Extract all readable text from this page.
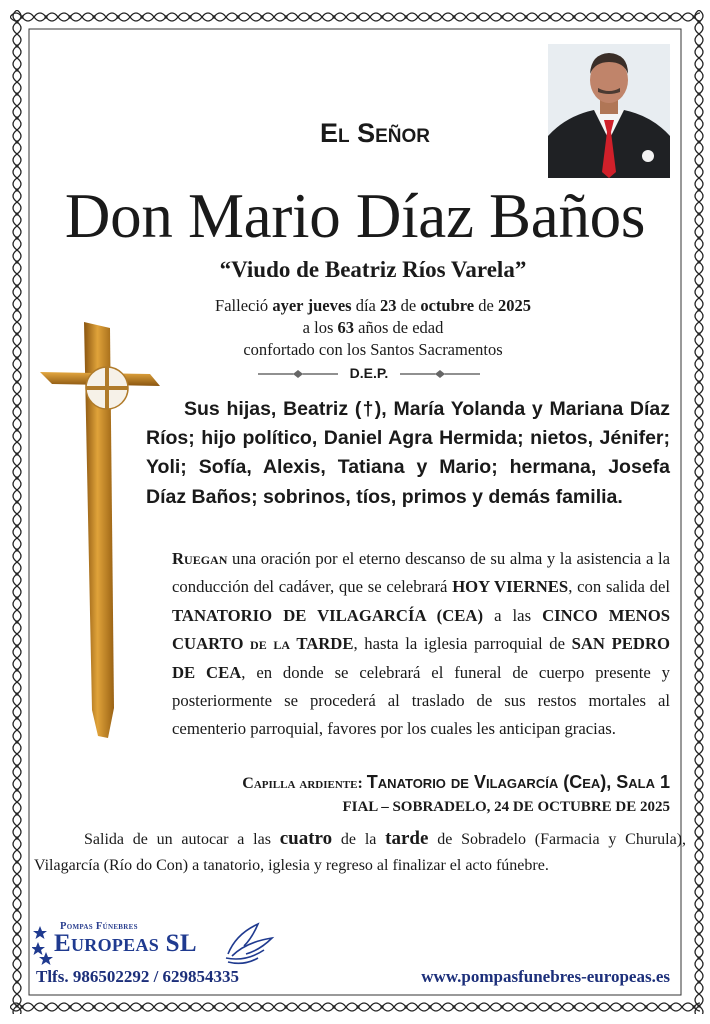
El Señor
Don Mario Díaz Baños
“Viudo de Beatriz Ríos Varela”
Falleció ayer jueves día 23 de octubre de 2025
a los 63 años de edad
confortado con los Santos Sacramentos
D.E.P.
Sus hijas, Beatriz (†), María Yolanda y Mariana Díaz Ríos; hijo político, Daniel Agra Hermida; nietos, Jénifer; Yoli; Sofía, Alexis, Tatiana y Mario; hermana, Josefa Díaz Baños; sobrinos, tíos, primos y demás familia.
Ruegan una oración por el eterno descanso de su alma y la asistencia a la conducción del cadáver, que se celebrará HOY VIERNES, con salida del TANATORIO DE VILAGARCÍA (CEA) a las CINCO MENOS CUARTO de la TARDE, hasta la iglesia parroquial de SAN PEDRO DE CEA, en donde se celebrará el funeral de cuerpo presente y posteriormente se procederá al traslado de sus restos mortales al cementerio parroquial, favores por los cuales les anticipan gracias.
Capilla ardiente: Tanatorio de Vilagarcía (Cea), Sala 1
FIAL – SOBRADELO, 24 DE OCTUBRE DE 2025
Salida de un autocar a las cuatro de la tarde de Sobradelo (Farmacia y Churula), Vilagarcía (Río do Con) a tanatorio, iglesia y regreso al finalizar el acto fúnebre.
Pompas Fúnebres
Europeas SL
Tlfs. 986502292 / 629854335	www.pompasfunebres-europeas.es
